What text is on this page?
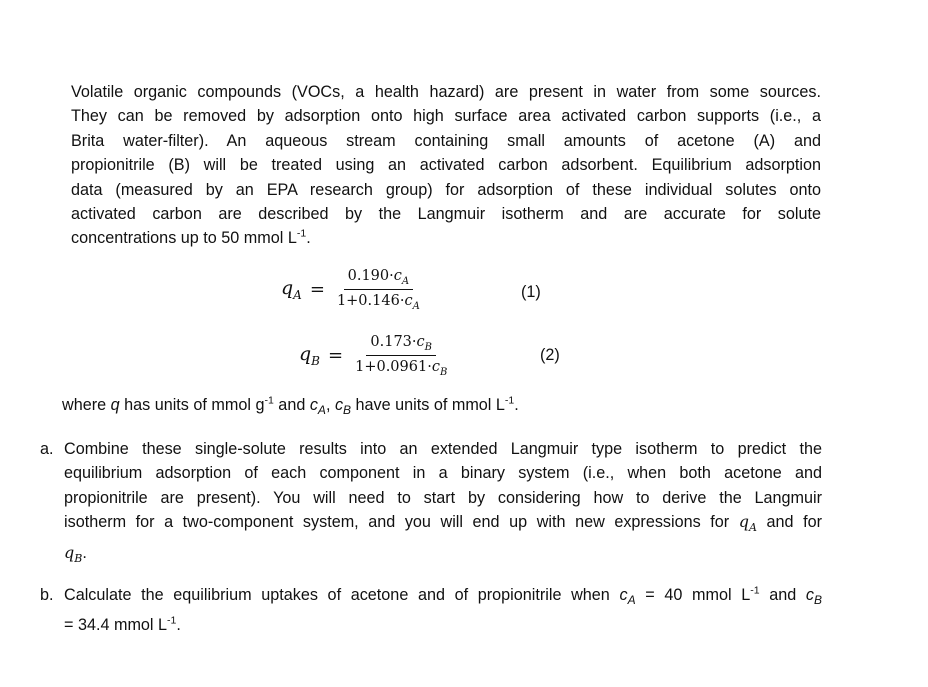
Volatile organic compounds (VOCs, a health hazard) are present in water from some sources.
They can be removed by adsorption onto high surface area activated carbon supports (i.e., a
Brita water-filter). An aqueous stream containing small amounts of acetone (A) and
propionitrile (B) will be treated using an activated carbon adsorbent. Equilibrium adsorption
data (measured by an EPA research group) for adsorption of these individual solutes onto
activated carbon are described by the Langmuir isotherm and are accurate for solute
concentrations up to 50 mmol $L^{-1}$.
$q_A = \frac{0.190\cdot c_A}{1+0.146\cdot c_A}$	(1)
$q_B = \frac{0.173\cdot c_B}{1+0.0961\cdot c_B}$	(2)
where q has units of mmol $g^{-1}$ and $c_A$, $c_B$ have units of mmol $L^{-1}$.
a. Combine these single-solute results into an extended Langmuir type isotherm to predict the
equilibrium adsorption of each component in a binary system (i.e., when both acetone and
propionitrile are present). You will need to start by considering how to derive the Langmuir
isotherm for a two-component system, and you will end up with new expressions for $q_A$ and for
$q_B$.
b. Calculate the equilibrium uptakes of acetone and of propionitrile when $c_A = 40$ mmol $L^{-1}$ and $c_B$
= 34.4 mmol $L^{-1}$.
